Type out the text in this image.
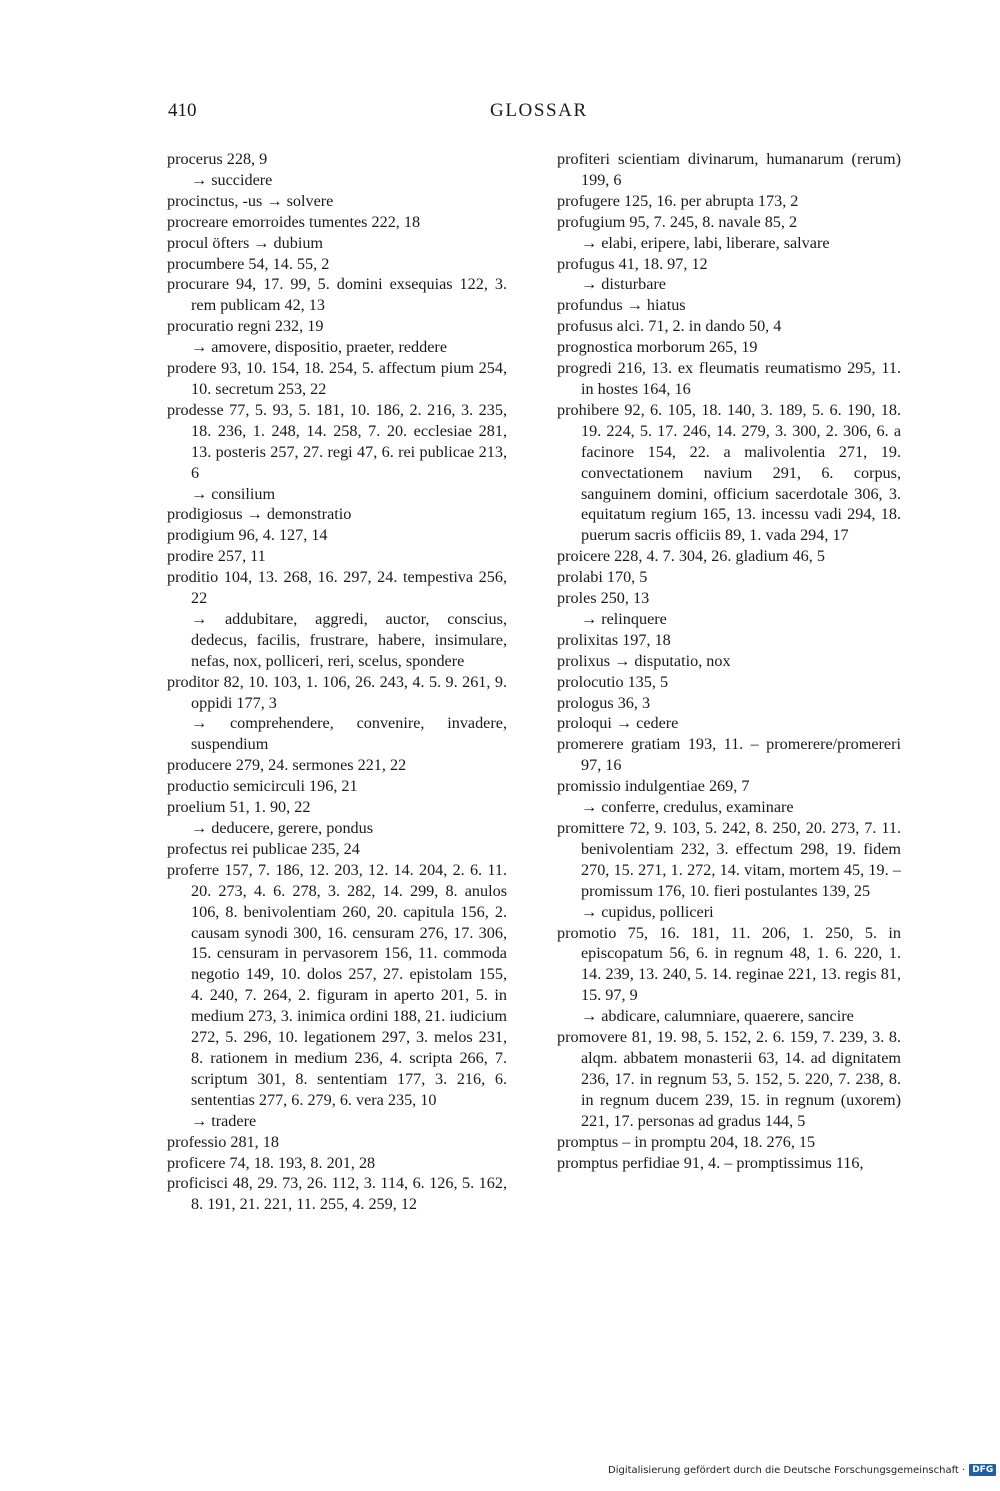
410	GLOSSAR
procerus 228, 9
→ succidere
procinctus, -us → solvere
procreare emorroides tumentes 222, 18
procul öfters → dubium
procumbere 54, 14. 55, 2
procurare 94, 17. 99, 5. domini exsequias 122, 3. rem publicam 42, 13
procuratio regni 232, 19
→ amovere, dispositio, praeter, reddere
prodere 93, 10. 154, 18. 254, 5. affectum pium 254, 10. secretum 253, 22
prodesse 77, 5. 93, 5. 181, 10. 186, 2. 216, 3. 235, 18. 236, 1. 248, 14. 258, 7. 20. ecclesiae 281, 13. posteris 257, 27. regi 47, 6. rei publicae 213, 6
→ consilium
prodigiosus → demonstratio
prodigium 96, 4. 127, 14
prodire 257, 11
proditio 104, 13. 268, 16. 297, 24. tempestiva 256, 22
→ addubitare, aggredi, auctor, conscius, dedecus, facilis, frustrare, habere, insimulare, nefas, nox, polliceri, reri, scelus, spondere
proditor 82, 10. 103, 1. 106, 26. 243, 4. 5. 9. 261, 9. oppidi 177, 3
→ comprehendere, convenire, invadere, suspendium
producere 279, 24. sermones 221, 22
productio semicirculi 196, 21
proelium 51, 1. 90, 22
→ deducere, gerere, pondus
profectus rei publicae 235, 24
proferre 157, 7. 186, 12. 203, 12. 14. 204, 2. 6. 11. 20. 273, 4. 6. 278, 3. 282, 14. 299, 8. anulos 106, 8. benivolentiam 260, 20. capitula 156, 2. causam synodi 300, 16. censuram 276, 17. 306, 15. censuram in pervasorem 156, 11. commoda negotio 149, 10. dolos 257, 27. epistolam 155, 4. 240, 7. 264, 2. figuram in aperto 201, 5. in medium 273, 3. inimica ordini 188, 21. iudicium 272, 5. 296, 10. legationem 297, 3. melos 231, 8. rationem in medium 236, 4. scripta 266, 7. scriptum 301, 8. sententiam 177, 3. 216, 6. sententias 277, 6. 279, 6. vera 235, 10
→ tradere
professio 281, 18
proficere 74, 18. 193, 8. 201, 28
proficisci 48, 29. 73, 26. 112, 3. 114, 6. 126, 5. 162, 8. 191, 21. 221, 11. 255, 4. 259, 12
profiteri scientiam divinarum, humanarum (rerum) 199, 6
profugere 125, 16. per abrupta 173, 2
profugium 95, 7. 245, 8. navale 85, 2
→ elabi, eripere, labi, liberare, salvare
profugus 41, 18. 97, 12
→ disturbare
profundus → hiatus
profusus alci. 71, 2. in dando 50, 4
prognostica morborum 265, 19
progredi 216, 13. ex fleumatis reumatismo 295, 11. in hostes 164, 16
prohibere 92, 6. 105, 18. 140, 3. 189, 5. 6. 190, 18. 19. 224, 5. 17. 246, 14. 279, 3. 300, 2. 306, 6. a facinore 154, 22. a malivolentia 271, 19. convectationem navium 291, 6. corpus, sanguinem domini, officium sacerdotale 306, 3. equitatum regium 165, 13. incessu vadi 294, 18. puerum sacris officiis 89, 1. vada 294, 17
proicere 228, 4. 7. 304, 26. gladium 46, 5
prolabi 170, 5
proles 250, 13
→ relinquere
prolixitas 197, 18
prolixus → disputatio, nox
prolocutio 135, 5
prologus 36, 3
proloqui → cedere
promerere gratiam 193, 11. – promerere/promereri 97, 16
promissio indulgentiae 269, 7
→ conferre, credulus, examinare
promittere 72, 9. 103, 5. 242, 8. 250, 20. 273, 7. 11. benivolentiam 232, 3. effectum 298, 19. fidem 270, 15. 271, 1. 272, 14. vitam, mortem 45, 19. – promissum 176, 10. fieri postulantes 139, 25
→ cupidus, polliceri
promotio 75, 16. 181, 11. 206, 1. 250, 5. in episcopatum 56, 6. in regnum 48, 1. 6. 220, 1. 14. 239, 13. 240, 5. 14. reginae 221, 13. regis 81, 15. 97, 9
→ abdicare, calumniare, quaerere, sancire
promovere 81, 19. 98, 5. 152, 2. 6. 159, 7. 239, 3. 8. alqm. abbatem monasterii 63, 14. ad dignitatem 236, 17. in regnum 53, 5. 152, 5. 220, 7. 238, 8. in regnum ducem 239, 15. in regnum (uxorem) 221, 17. personas ad gradus 144, 5
promptus – in promptu 204, 18. 276, 15
promptus perfidiae 91, 4. – promptissimus 116,
Digitalisierung gefördert durch die Deutsche Forschungsgemeinschaft · DFG
